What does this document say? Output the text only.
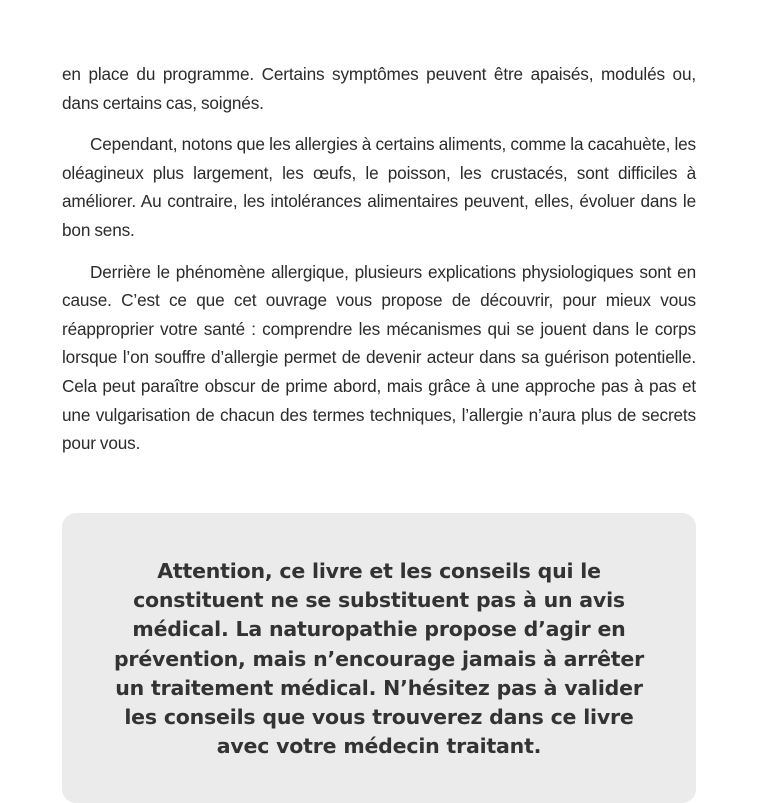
en place du programme. Certains symptômes peuvent être apaisés, modulés ou, dans certains cas, soignés.

Cependant, notons que les allergies à certains aliments, comme la cacahuète, les oléagineux plus largement, les œufs, le poisson, les crustacés, sont difficiles à améliorer. Au contraire, les intolérances alimentaires peuvent, elles, évoluer dans le bon sens.

Derrière le phénomène allergique, plusieurs explications physiologiques sont en cause. C’est ce que cet ouvrage vous propose de découvrir, pour mieux vous réapproprier votre santé : comprendre les mécanismes qui se jouent dans le corps lorsque l’on souffre d’allergie permet de devenir acteur dans sa guérison potentielle. Cela peut paraître obscur de prime abord, mais grâce à une approche pas à pas et une vulgarisation de chacun des termes techniques, l’allergie n’aura plus de secrets pour vous.

Attention, ce livre et les conseils qui le constituent ne se substituent pas à un avis médical. La naturopathie propose d’agir en prévention, mais n’encourage jamais à arrêter un traitement médical. N’hésitez pas à valider les conseils que vous trouverez dans ce livre avec votre médecin traitant.
